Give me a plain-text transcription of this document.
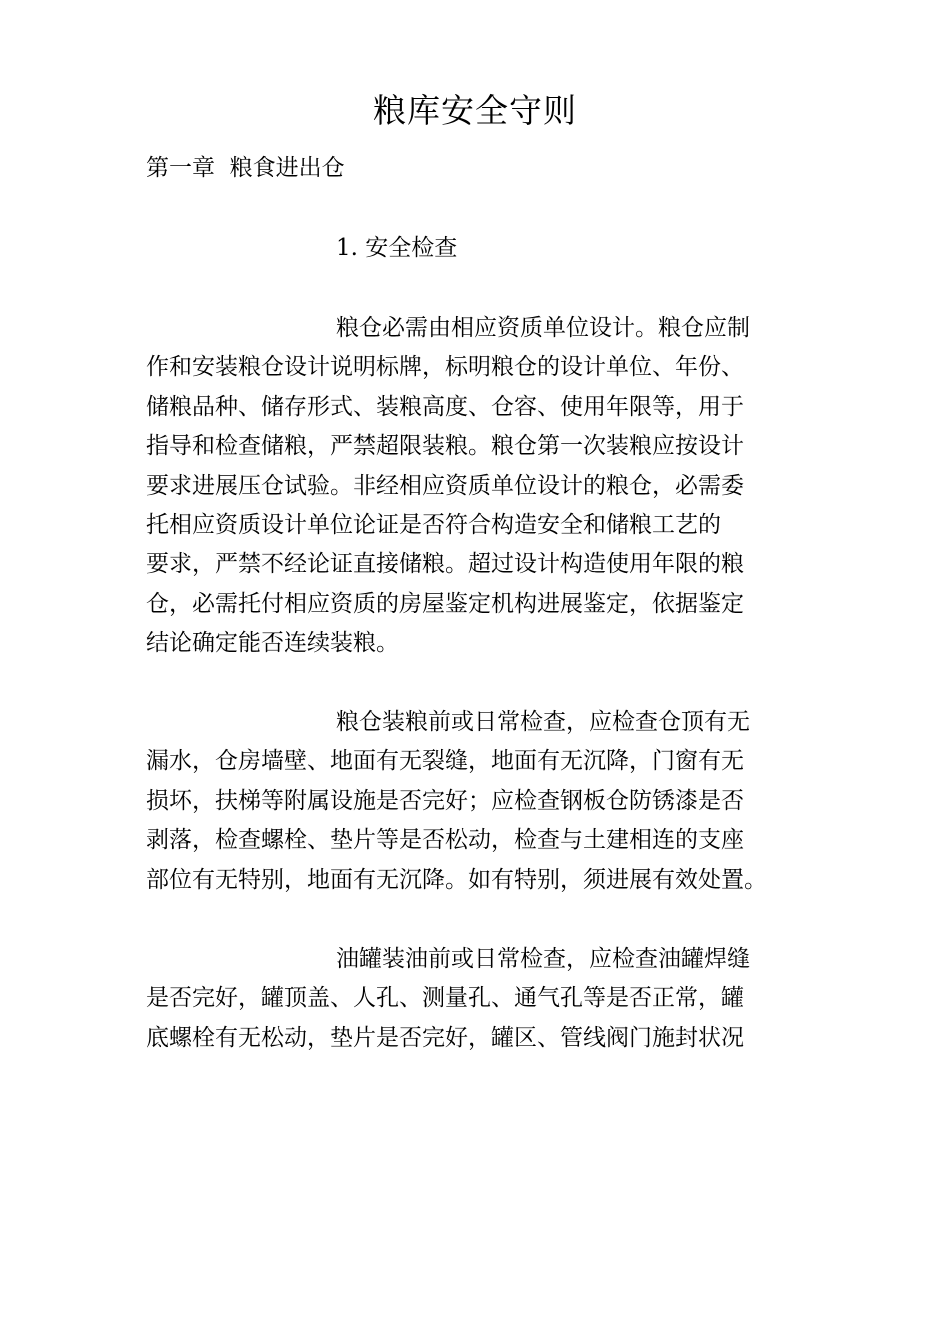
粮库安全守则
第一章  粮食进出仓
1. 安全检查
粮仓必需由相应资质单位设计。粮仓应制
作和安装粮仓设计说明标牌，标明粮仓的设计单位、年份、
储粮品种、储存形式、装粮高度、仓容、使用年限等，用于
指导和检查储粮，严禁超限装粮。粮仓第一次装粮应按设计
要求进展压仓试验。非经相应资质单位设计的粮仓，必需委
托相应资质设计单位论证是否符合构造安全和储粮工艺的
要求，严禁不经论证直接储粮。超过设计构造使用年限的粮
仓，必需托付相应资质的房屋鉴定机构进展鉴定，依据鉴定
结论确定能否连续装粮。
粮仓装粮前或日常检查，应检查仓顶有无
漏水，仓房墙壁、地面有无裂缝，地面有无沉降，门窗有无
损坏，扶梯等附属设施是否完好；应检查钢板仓防锈漆是否
剥落，检查螺栓、垫片等是否松动，检查与土建相连的支座
部位有无特别，地面有无沉降。如有特别，须进展有效处置。
油罐装油前或日常检查，应检查油罐焊缝
是否完好，罐顶盖、人孔、测量孔、通气孔等是否正常，罐
底螺栓有无松动，垫片是否完好，罐区、管线阀门施封状况
